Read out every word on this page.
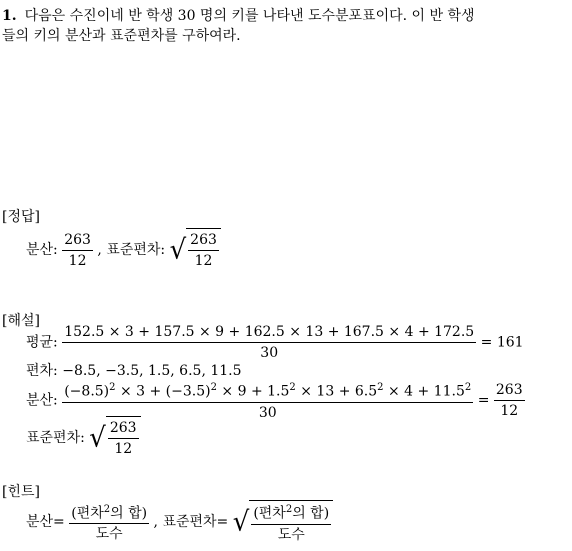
1. 다음은 수진이네 반 학생 30 명의 키를 나타낸 도수분포표이다. 이 반 학생
들의 키의 분산과 표준편차를 구하여라.
[정답]
분산: $\frac{263}{12}$ , 표준편차: √ $\frac{263}{12}$
[해설]
평균: $\frac{152.5 \times 3 + 157.5 \times 9 + 162.5 \times 13 + 167.5 \times 4 + 172.5}{30} = 161$
편차: −8.5, −3.5, 1.5, 6.5, 11.5
분산: $\frac{(-8.5)^2 \times 3 + (-3.5)^2 \times 9 + 1.5^2 \times 13 + 6.5^2 \times 4 + 11.5^2}{30} = \frac{263}{12}$
표준편차: √ $\frac{263}{12}$
[힌트]
분산= $\frac{(편차^2의 합)}{\text{도수}}$ , 표준편차= √ $\frac{(편차^2의 합)}{\text{도수}}$
